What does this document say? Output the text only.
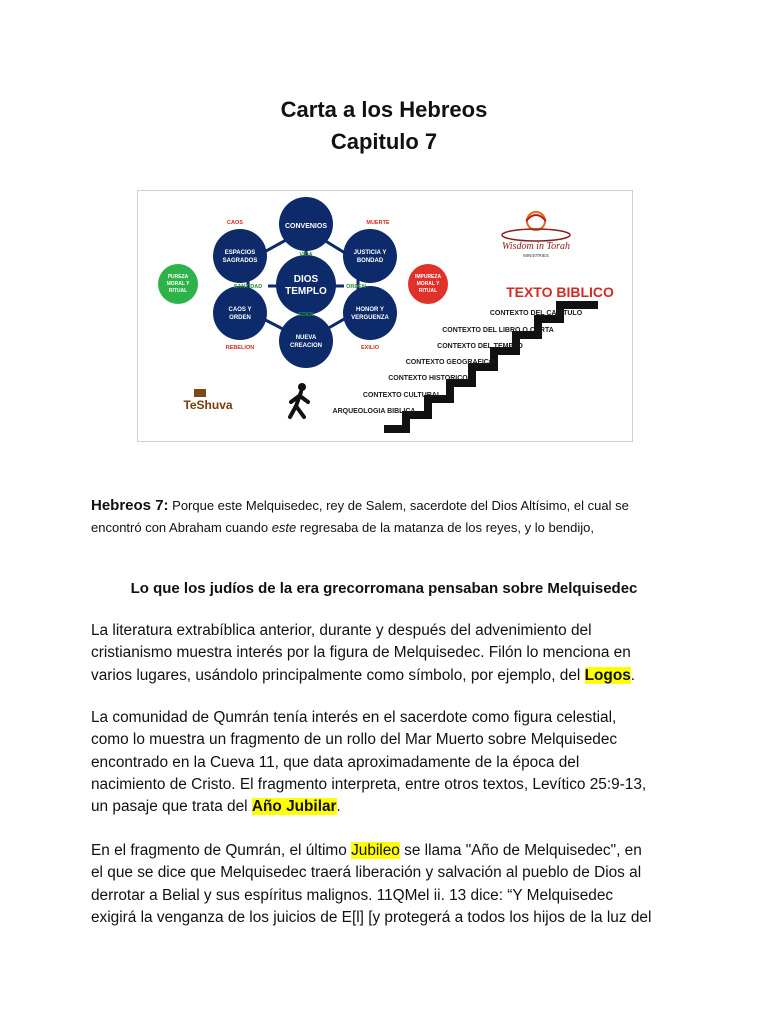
Carta a los Hebreos
Capitulo 7
CONVENIOS
ESPACIOS
SAGRADOS
JUSTICIA Y
BONDAD
DIOS
TEMPLO
CAOS Y
ORDEN
HONOR Y
VERGUENZA
NUEVA
CREACION
VIDA
SANTIDAD	ORDEN
EDEN
CAOS	MUERTE
REBELION	EXILIO
PUREZA
MORAL Y
RITUAL
IMPUREZA
MORAL Y
RITUAL
Wisdom in Torah
MINISTRIES
TEXTO BIBLICO
CONTEXTO DEL CAPITULO
CONTEXTO DEL LIBRO O CARTA
CONTEXTO DEL TEMPLO
CONTEXTO GEOGRAFICO
CONTEXTO HISTORICO
CONTEXTO CULTURAL
ARQUEOLOGIA BIBLICA
TeShuva
Hebreos 7: Porque este Melquisedec, rey de Salem, sacerdote del Dios Altísimo, el cual se
encontró con Abraham cuando este regresaba de la matanza de los reyes, y lo bendijo,
Lo que los judíos de la era grecorromana pensaban sobre Melquisedec
La literatura extrabíblica anterior, durante y después del advenimiento del
cristianismo muestra interés por la figura de Melquisedec. Filón lo menciona en
varios lugares, usándolo principalmente como símbolo, por ejemplo, del Logos.
La comunidad de Qumrán tenía interés en el sacerdote como figura celestial,
como lo muestra un fragmento de un rollo del Mar Muerto sobre Melquisedec
encontrado en la Cueva 11, que data aproximadamente de la época del
nacimiento de Cristo. El fragmento interpreta, entre otros textos, Levítico 25:9-13,
un pasaje que trata del Año Jubilar.
En el fragmento de Qumrán, el último Jubileo se llama "Año de Melquisedec", en
el que se dice que Melquisedec traerá liberación y salvación al pueblo de Dios al
derrotar a Belial y sus espíritus malignos. 11QMel ii. 13 dice: “Y Melquisedec
exigirá la venganza de los juicios de E[l] [y protegerá a todos los hijos de la luz del
